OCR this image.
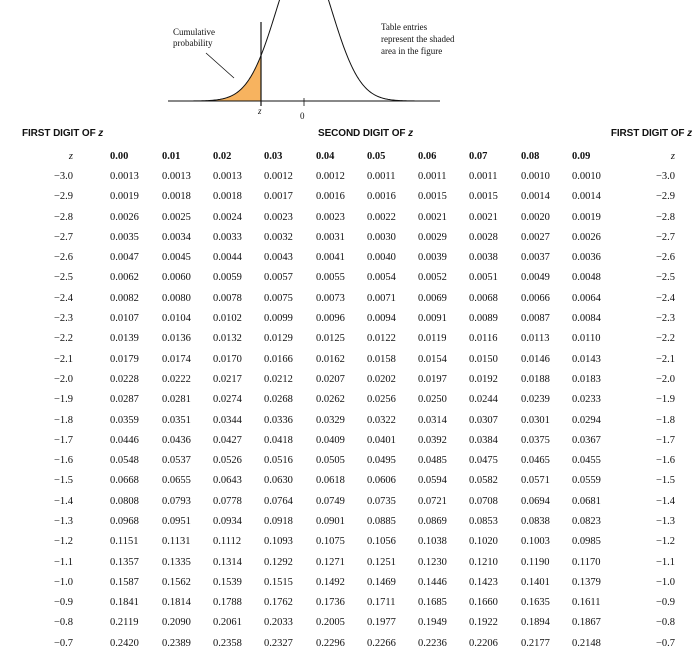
Cumulative
probability
Table entries
represent the shaded
area in the figure
z	0
FIRST DIGIT OF z	SECOND DIGIT OF z	FIRST DIGIT OF z
z		0.00	0.01	0.02	0.03	0.04	0.05	0.06	0.07	0.08	0.09	z
−3.0		0.0013	0.0013	0.0013	0.0012	0.0012	0.0011	0.0011	0.0011	0.0010	0.0010	−3.0
−2.9		0.0019	0.0018	0.0018	0.0017	0.0016	0.0016	0.0015	0.0015	0.0014	0.0014	−2.9
−2.8		0.0026	0.0025	0.0024	0.0023	0.0023	0.0022	0.0021	0.0021	0.0020	0.0019	−2.8
−2.7		0.0035	0.0034	0.0033	0.0032	0.0031	0.0030	0.0029	0.0028	0.0027	0.0026	−2.7
−2.6		0.0047	0.0045	0.0044	0.0043	0.0041	0.0040	0.0039	0.0038	0.0037	0.0036	−2.6
−2.5		0.0062	0.0060	0.0059	0.0057	0.0055	0.0054	0.0052	0.0051	0.0049	0.0048	−2.5
−2.4		0.0082	0.0080	0.0078	0.0075	0.0073	0.0071	0.0069	0.0068	0.0066	0.0064	−2.4
−2.3		0.0107	0.0104	0.0102	0.0099	0.0096	0.0094	0.0091	0.0089	0.0087	0.0084	−2.3
−2.2		0.0139	0.0136	0.0132	0.0129	0.0125	0.0122	0.0119	0.0116	0.0113	0.0110	−2.2
−2.1		0.0179	0.0174	0.0170	0.0166	0.0162	0.0158	0.0154	0.0150	0.0146	0.0143	−2.1
−2.0		0.0228	0.0222	0.0217	0.0212	0.0207	0.0202	0.0197	0.0192	0.0188	0.0183	−2.0
−1.9		0.0287	0.0281	0.0274	0.0268	0.0262	0.0256	0.0250	0.0244	0.0239	0.0233	−1.9
−1.8		0.0359	0.0351	0.0344	0.0336	0.0329	0.0322	0.0314	0.0307	0.0301	0.0294	−1.8
−1.7		0.0446	0.0436	0.0427	0.0418	0.0409	0.0401	0.0392	0.0384	0.0375	0.0367	−1.7
−1.6		0.0548	0.0537	0.0526	0.0516	0.0505	0.0495	0.0485	0.0475	0.0465	0.0455	−1.6
−1.5		0.0668	0.0655	0.0643	0.0630	0.0618	0.0606	0.0594	0.0582	0.0571	0.0559	−1.5
−1.4		0.0808	0.0793	0.0778	0.0764	0.0749	0.0735	0.0721	0.0708	0.0694	0.0681	−1.4
−1.3		0.0968	0.0951	0.0934	0.0918	0.0901	0.0885	0.0869	0.0853	0.0838	0.0823	−1.3
−1.2		0.1151	0.1131	0.1112	0.1093	0.1075	0.1056	0.1038	0.1020	0.1003	0.0985	−1.2
−1.1		0.1357	0.1335	0.1314	0.1292	0.1271	0.1251	0.1230	0.1210	0.1190	0.1170	−1.1
−1.0		0.1587	0.1562	0.1539	0.1515	0.1492	0.1469	0.1446	0.1423	0.1401	0.1379	−1.0
−0.9		0.1841	0.1814	0.1788	0.1762	0.1736	0.1711	0.1685	0.1660	0.1635	0.1611	−0.9
−0.8		0.2119	0.2090	0.2061	0.2033	0.2005	0.1977	0.1949	0.1922	0.1894	0.1867	−0.8
−0.7		0.2420	0.2389	0.2358	0.2327	0.2296	0.2266	0.2236	0.2206	0.2177	0.2148	−0.7
